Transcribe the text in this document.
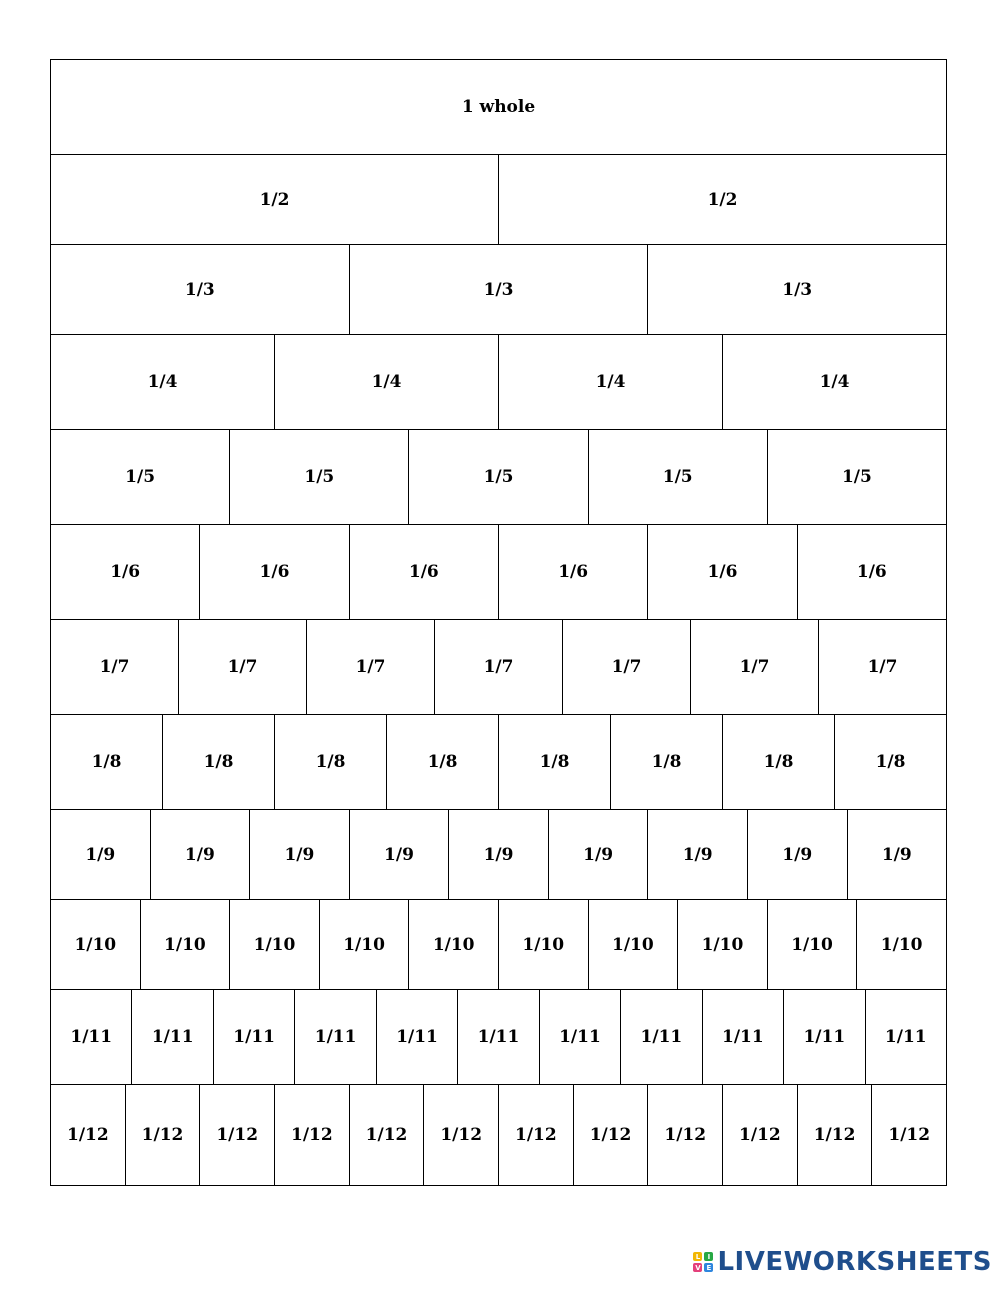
1 whole
1/2	1/2
1/3	1/3	1/3
1/4	1/4	1/4	1/4
1/5	1/5	1/5	1/5	1/5
1/6	1/6	1/6	1/6	1/6	1/6
1/7	1/7	1/7	1/7	1/7	1/7	1/7
1/8	1/8	1/8	1/8	1/8	1/8	1/8	1/8
1/9	1/9	1/9	1/9	1/9	1/9	1/9	1/9	1/9
1/10	1/10	1/10	1/10	1/10	1/10	1/10	1/10	1/10	1/10
1/11	1/11	1/11	1/11	1/11	1/11	1/11	1/11	1/11	1/11	1/11
1/12	1/12	1/12	1/12	1/12	1/12	1/12	1/12	1/12	1/12	1/12	1/12
L	I
V E LIVEWORKSHEETS
